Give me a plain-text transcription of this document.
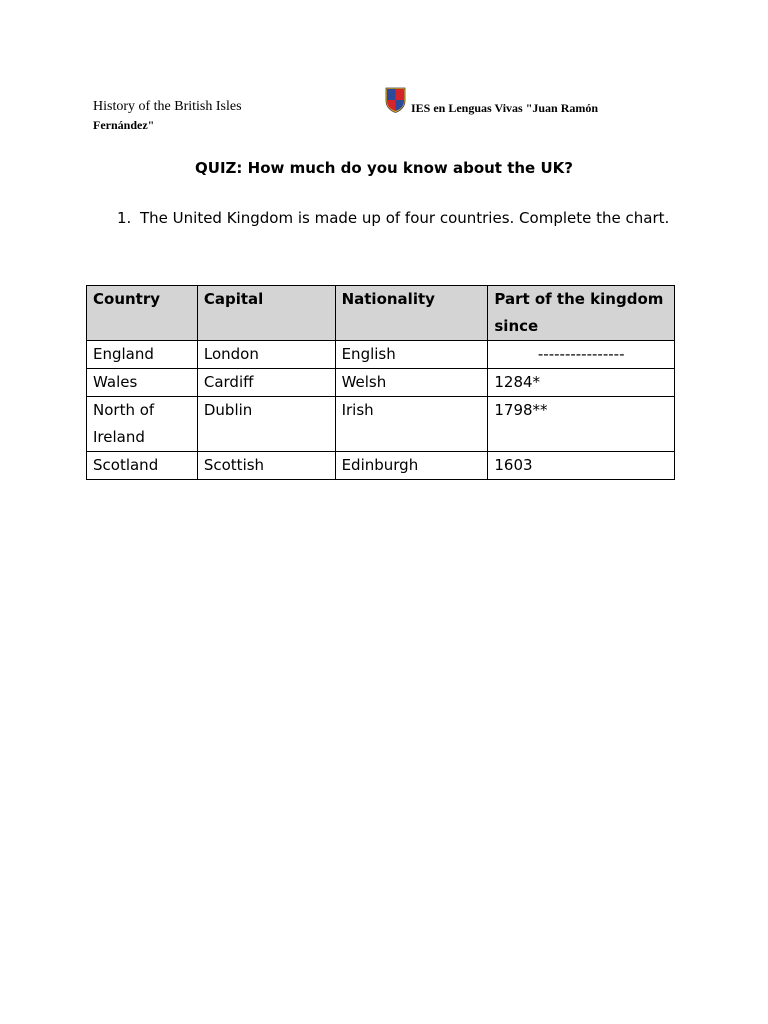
History of the British Isles
Fernández"
IES en Lenguas Vivas "Juan Ramón
QUIZ: How much do you know about the UK?
1. The United Kingdom is made up of four countries. Complete the chart.
Country	Capital	Nationality	Part of the kingdom since
England	London	English	----------------
Wales	Cardiff	Welsh	1284*
North of Ireland	Dublin	Irish	1798**
Scotland	Scottish	Edinburgh	1603
